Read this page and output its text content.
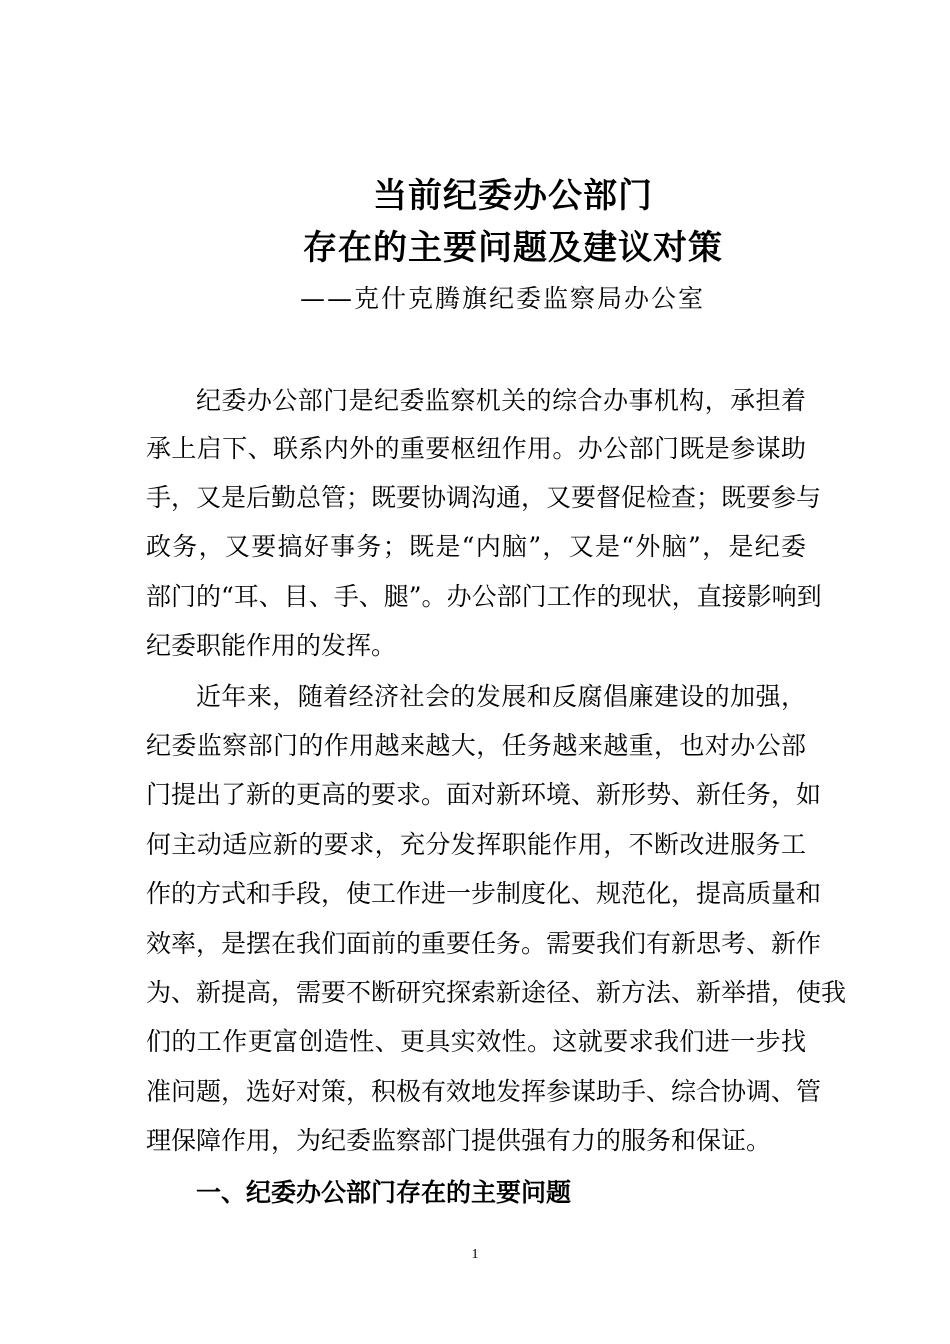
当前纪委办公部门
存在的主要问题及建议对策
——克什克腾旗纪委监察局办公室
纪委办公部门是纪委监察机关的综合办事机构，承担着
承上启下、联系内外的重要枢纽作用。办公部门既是参谋助
手，又是后勤总管；既要协调沟通，又要督促检查；既要参与
政务，又要搞好事务；既是“内脑”，又是“外脑”，是纪委
部门的“耳、目、手、腿”。办公部门工作的现状，直接影响到
纪委职能作用的发挥。
近年来，随着经济社会的发展和反腐倡廉建设的加强，
纪委监察部门的作用越来越大，任务越来越重，也对办公部
门提出了新的更高的要求。面对新环境、新形势、新任务，如
何主动适应新的要求，充分发挥职能作用，不断改进服务工
作的方式和手段，使工作进一步制度化、规范化，提高质量和
效率，是摆在我们面前的重要任务。需要我们有新思考、新作
为、新提高，需要不断研究探索新途径、新方法、新举措，使我
们的工作更富创造性、更具实效性。这就要求我们进一步找
准问题，选好对策，积极有效地发挥参谋助手、综合协调、管
理保障作用，为纪委监察部门提供强有力的服务和保证。
一、纪委办公部门存在的主要问题
1
